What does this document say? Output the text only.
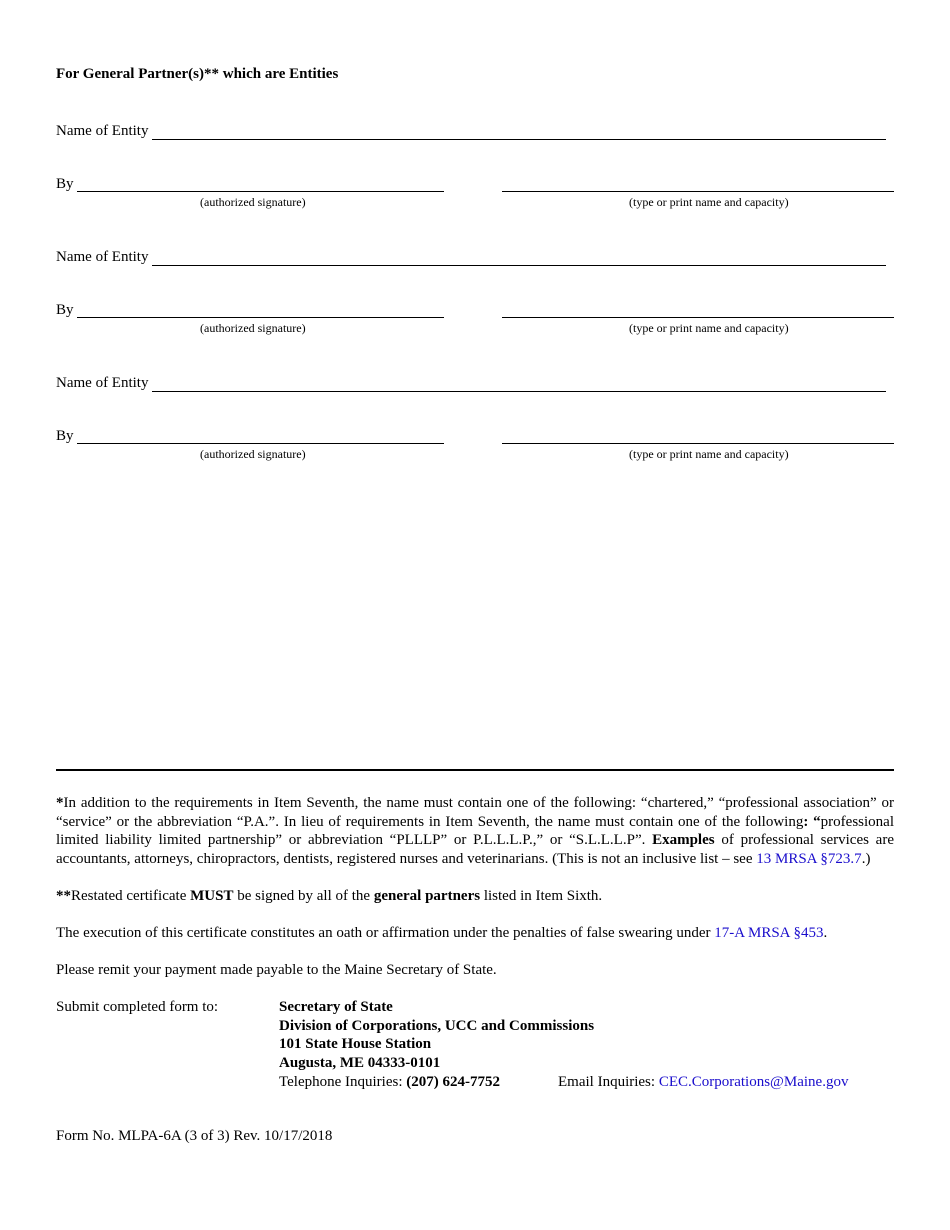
For General Partner(s)** which are Entities
Name of Entity
By
(authorized signature)	(type or print name and capacity)
Name of Entity
By
(authorized signature)	(type or print name and capacity)
Name of Entity
By
(authorized signature)	(type or print name and capacity)
*In addition to the requirements in Item Seventh, the name must contain one of the following: “chartered,” “professional association” or “service” or the abbreviation “P.A.”. In lieu of requirements in Item Seventh, the name must contain one of the following: “professional limited liability limited partnership” or abbreviation “PLLLP” or P.L.L.L.P.,” or “S.L.L.L.P”. Examples of professional services are accountants, attorneys, chiropractors, dentists, registered nurses and veterinarians. (This is not an inclusive list – see 13 MRSA §723.7.)
**Restated certificate MUST be signed by all of the general partners listed in Item Sixth.
The execution of this certificate constitutes an oath or affirmation under the penalties of false swearing under 17-A MRSA §453.
Please remit your payment made payable to the Maine Secretary of State.
Submit completed form to:	Secretary of State
Division of Corporations, UCC and Commissions
101 State House Station
Augusta, ME 04333-0101
Telephone Inquiries: (207) 624-7752	Email Inquiries: CEC.Corporations@Maine.gov
Form No. MLPA-6A (3 of 3) Rev. 10/17/2018
